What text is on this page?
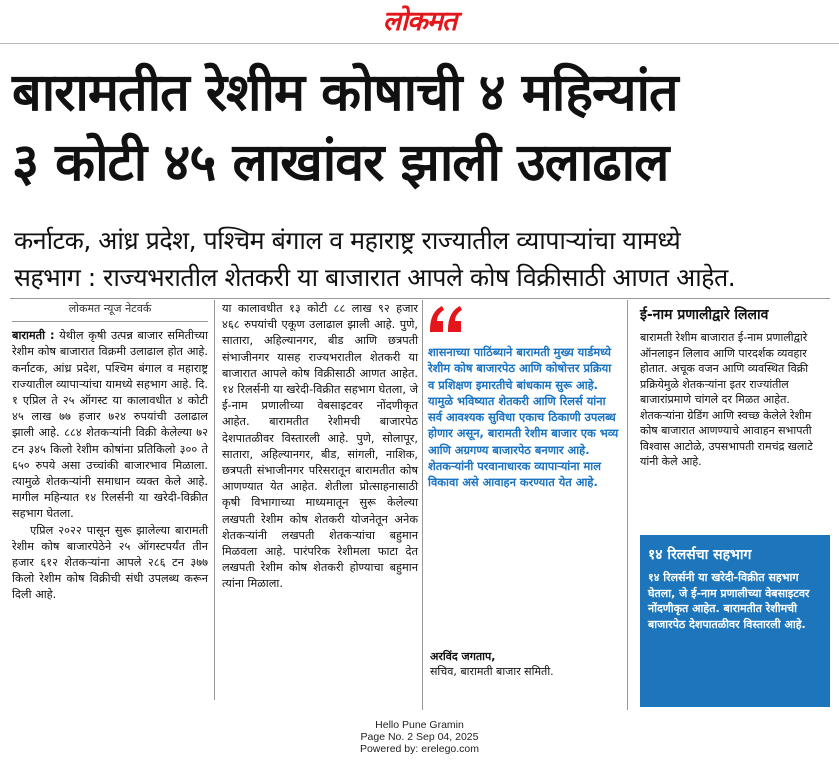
लोकमत
बारामतीत रेशीम कोषाची ४ महिन्यांत
३ कोटी ४५ लाखांवर झाली उलाढाल

कर्नाटक, आंध्र प्रदेश, पश्चिम बंगाल व महाराष्ट्र राज्यातील व्यापाऱ्यांचा यामध्ये
सहभाग : राज्यभरातील शेतकरी या बाजारात आपले कोष विक्रीसाठी आणत आहेत.

लोकमत न्यूज नेटवर्क

बारामती : येथील कृषी उत्पन्न बाजार समितीच्या रेशीम कोष बाजारात विक्रमी उलाढाल होत आहे. कर्नाटक, आंध्र प्रदेश, पश्चिम बंगाल व महाराष्ट्र राज्यातील व्यापाऱ्यांचा यामध्ये सहभाग आहे. दि. १ एप्रिल ते २५ ऑगस्ट या कालावधीत ४ कोटी ४५ लाख ७७ हजार ७२४ रुपयांची उलाढाल झाली आहे. ८८४ शेतकऱ्यांनी विक्री केलेल्या ७२ टन ३४५ किलो रेशीम कोषांना प्रतिकिलो ३०० ते ६५० रुपये असा उच्चांकी बाजारभाव मिळाला. त्यामुळे शेतकऱ्यांनी समाधान व्यक्त केले आहे. मागील महिन्यात १४ रिलर्सनी या खरेदी-विक्रीत सहभाग घेतला.

एप्रिल २०२२ पासून सुरू झालेल्या बारामती रेशीम कोष बाजारपेठेने २५ ऑगस्टपर्यंत तीन हजार ६१२ शेतकऱ्यांना आपले २८६ टन ३७७ किलो रेशीम कोष विक्रीची संधी उपलब्ध करून दिली आहे.

या कालावधीत १३ कोटी ८८ लाख ९२ हजार ४६८ रुपयांची एकूण उलाढाल झाली आहे. पुणे, सातारा, अहिल्यानगर, बीड आणि छत्रपती संभाजीनगर यासह राज्यभरातील शेतकरी या बाजारात आपले कोष विक्रीसाठी आणत आहेत. १४ रिलर्सनी या खरेदी-विक्रीत सहभाग घेतला, जे ई-नाम प्रणालीच्या वेबसाइटवर नोंदणीकृत आहेत. बारामतीत रेशीमची बाजारपेठ देशपातळीवर विस्तारली आहे. पुणे, सोलापूर, सातारा, अहिल्यानगर, बीड, सांगली, नाशिक, छत्रपती संभाजीनगर परिसरातून बारामतीत कोष आणण्यात येत आहेत. शेतीला प्रोत्साहनासाठी कृषी विभागाच्या माध्यमातून सुरू केलेल्या लखपती रेशीम कोष शेतकरी योजनेतून अनेक शेतकऱ्यांनी लखपती शेतकऱ्यांचा बहुमान मिळवला आहे. पारंपरिक रेशीमला फाटा देत लखपती रेशीम कोष शेतकरी होण्याचा बहुमान त्यांना मिळाला.

शासनाच्या पाठिंब्याने बारामती मुख्य यार्डमध्ये रेशीम कोष बाजारपेठ आणि कोषोत्तर प्रक्रिया व प्रशिक्षण इमारतीचे बांधकाम सुरू आहे. यामुळे भविष्यात शेतकरी आणि रिलर्स यांना सर्व आवश्यक सुविधा एकाच ठिकाणी उपलब्ध होणार असून, बारामती रेशीम बाजार एक भव्य आणि अग्रगण्य बाजारपेठ बनणार आहे. शेतकऱ्यांनी परवानाधारक व्यापाऱ्यांना माल विकावा असे आवाहन करण्यात येत आहे.

अरविंद जगताप,
सचिव, बारामती बाजार समिती.
ई-नाम प्रणालीद्वारे लिलाव

बारामती रेशीम बाजारात ई-नाम प्रणालीद्वारे ऑनलाइन लिलाव आणि पारदर्शक व्यवहार होतात. अचूक वजन आणि व्यवस्थित विक्री प्रक्रियेमुळे शेतकऱ्यांना इतर राज्यांतील बाजारांप्रमाणे चांगले दर मिळत आहेत. शेतकऱ्यांना ग्रेडिंग आणि स्वच्छ केलेले रेशीम कोष बाजारात आणण्याचे आवाहन सभापती विश्वास आटोळे, उपसभापती रामचंद्र खलाटे यांनी केले आहे.

१४ रिलर्सचा सहभाग

१४ रिलर्सनी या खरेदी-विक्रीत सहभाग घेतला, जे ई-नाम प्रणालीच्या वेबसाइटवर नोंदणीकृत आहेत. बारामतीत रेशीमची बाजारपेठ देशपातळीवर विस्तारली आहे.

Hello Pune Gramin
Page No. 2 Sep 04, 2025
Powered by: erelego.com
